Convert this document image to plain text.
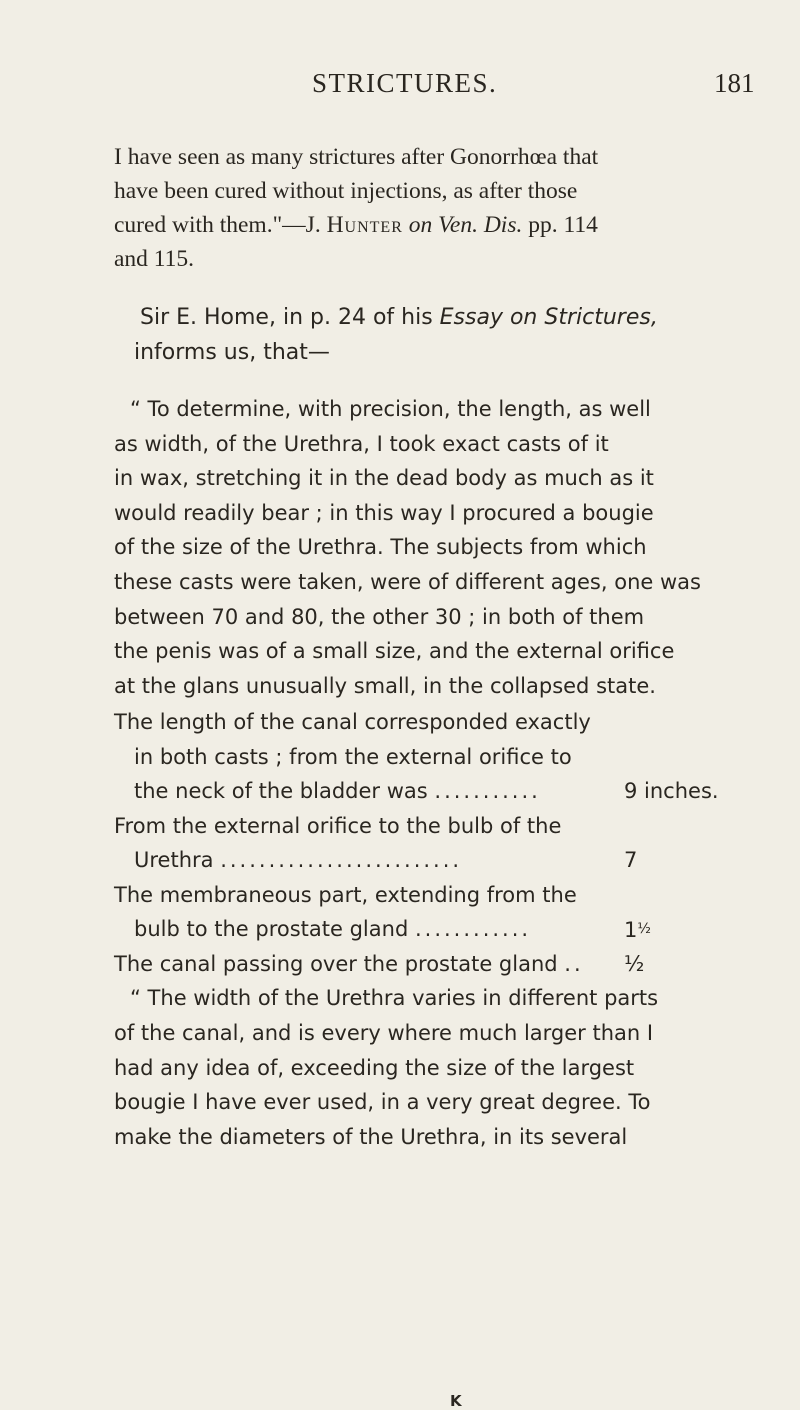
STRICTURES.	181

I have seen as many strictures after Gonorrhœa that
have been cured without injections, as after those
cured with them."—J. Hunter on Ven. Dis. pp. 114
and 115.

Sir E. Home, in p. 24 of his Essay on Strictures,
informs us, that—

“ To determine, with precision, the length, as well
as width, of the Urethra, I took exact casts of it
in wax, stretching it in the dead body as much as it
would readily bear ; in this way I procured a bougie
of the size of the Urethra. The subjects from which
these casts were taken, were of different ages, one was
between 70 and 80, the other 30 ; in both of them
the penis was of a small size, and the external orifice
at the glans unusually small, in the collapsed state.

The length of the canal corresponded exactly
in both casts ; from the external orifice to
the neck of the bladder was ...........	9 inches.
From the external orifice to the bulb of the
Urethra .........................	7
The membraneous part, extending from the
bulb to the prostate gland ............	1½
The canal passing over the prostate gland .. ½

“ The width of the Urethra varies in different parts
of the canal, and is every where much larger than I
had any idea of, exceeding the size of the largest
bougie I have ever used, in a very great degree. To
make the diameters of the Urethra, in its several

K
